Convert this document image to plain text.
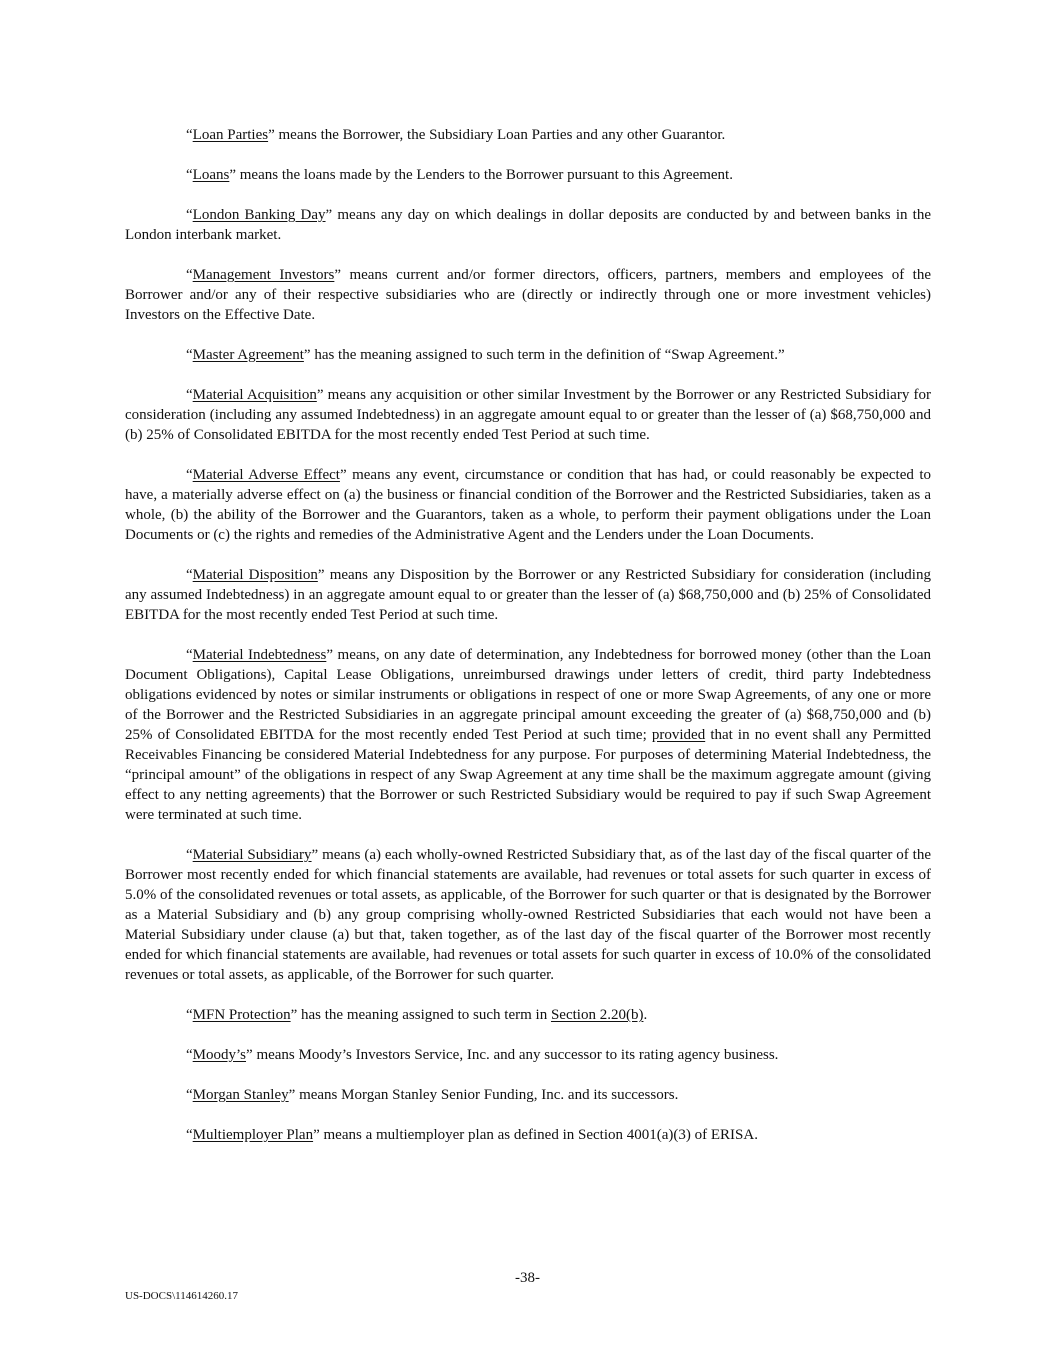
“Loan Parties” means the Borrower, the Subsidiary Loan Parties and any other Guarantor.

“Loans” means the loans made by the Lenders to the Borrower pursuant to this Agreement.

“London Banking Day” means any day on which dealings in dollar deposits are conducted by and between banks in the London interbank market.

“Management Investors” means current and/or former directors, officers, partners, members and employees of the Borrower and/or any of their respective subsidiaries who are (directly or indirectly through one or more investment vehicles) Investors on the Effective Date.

“Master Agreement” has the meaning assigned to such term in the definition of “Swap Agreement.”

“Material Acquisition” means any acquisition or other similar Investment by the Borrower or any Restricted Subsidiary for consideration (including any assumed Indebtedness) in an aggregate amount equal to or greater than the lesser of (a) $68,750,000 and (b) 25% of Consolidated EBITDA for the most recently ended Test Period at such time.

“Material Adverse Effect” means any event, circumstance or condition that has had, or could reasonably be expected to have, a materially adverse effect on (a) the business or financial condition of the Borrower and the Restricted Subsidiaries, taken as a whole, (b) the ability of the Borrower and the Guarantors, taken as a whole, to perform their payment obligations under the Loan Documents or (c) the rights and remedies of the Administrative Agent and the Lenders under the Loan Documents.

“Material Disposition” means any Disposition by the Borrower or any Restricted Subsidiary for consideration (including any assumed Indebtedness) in an aggregate amount equal to or greater than the lesser of (a) $68,750,000 and (b) 25% of Consolidated EBITDA for the most recently ended Test Period at such time.

“Material Indebtedness” means, on any date of determination, any Indebtedness for borrowed money (other than the Loan Document Obligations), Capital Lease Obligations, unreimbursed drawings under letters of credit, third party Indebtedness obligations evidenced by notes or similar instruments or obligations in respect of one or more Swap Agreements, of any one or more of the Borrower and the Restricted Subsidiaries in an aggregate principal amount exceeding the greater of (a) $68,750,000 and (b) 25% of Consolidated EBITDA for the most recently ended Test Period at such time; provided that in no event shall any Permitted Receivables Financing be considered Material Indebtedness for any purpose. For purposes of determining Material Indebtedness, the “principal amount” of the obligations in respect of any Swap Agreement at any time shall be the maximum aggregate amount (giving effect to any netting agreements) that the Borrower or such Restricted Subsidiary would be required to pay if such Swap Agreement were terminated at such time.

“Material Subsidiary” means (a) each wholly-owned Restricted Subsidiary that, as of the last day of the fiscal quarter of the Borrower most recently ended for which financial statements are available, had revenues or total assets for such quarter in excess of 5.0% of the consolidated revenues or total assets, as applicable, of the Borrower for such quarter or that is designated by the Borrower as a Material Subsidiary and (b) any group comprising wholly-owned Restricted Subsidiaries that each would not have been a Material Subsidiary under clause (a) but that, taken together, as of the last day of the fiscal quarter of the Borrower most recently ended for which financial statements are available, had revenues or total assets for such quarter in excess of 10.0% of the consolidated revenues or total assets, as applicable, of the Borrower for such quarter.

“MFN Protection” has the meaning assigned to such term in Section 2.20(b).

“Moody’s” means Moody’s Investors Service, Inc. and any successor to its rating agency business.

“Morgan Stanley” means Morgan Stanley Senior Funding, Inc. and its successors.

“Multiemployer Plan” means a multiemployer plan as defined in Section 4001(a)(3) of ERISA.

-38-
US-DOCS\114614260.17
